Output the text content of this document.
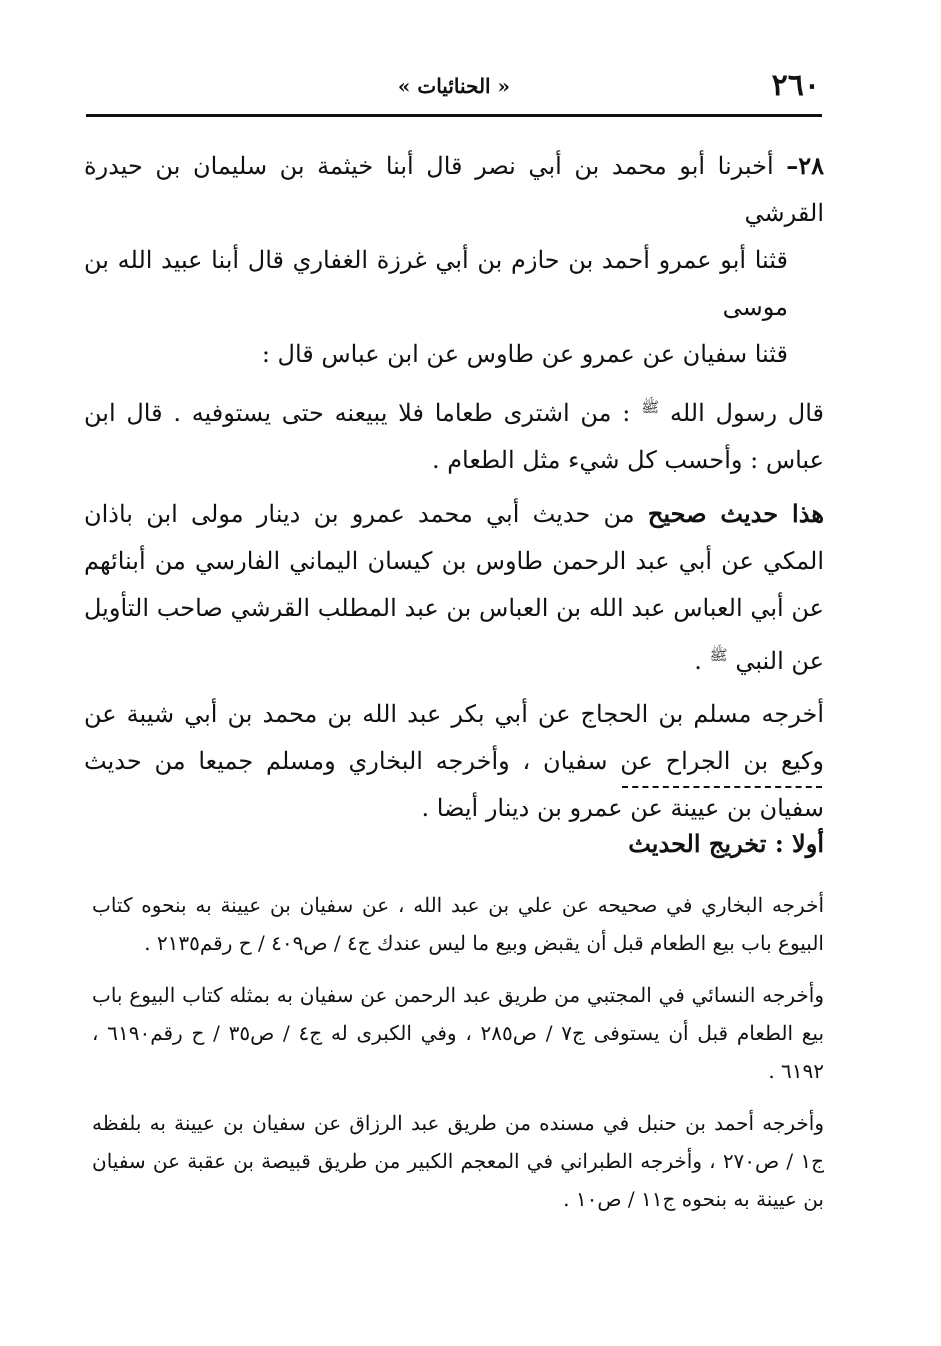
٢٦٠
« الحنائيات »
٢٨– أخبرنا أبو محمد بن أبي نصر قال أبنا خيثمة بن سليمان بن حيدرة القرشي
قثنا أبو عمرو أحمد بن حازم بن أبي غرزة الغفاري قال أبنا عبيد الله بن موسى
قثنا سفيان عن عمرو عن طاوس عن ابن عباس قال :
قال رسول الله $^ﷺ$ : من اشترى طعاما فلا يبيعنه حتى يستوفيه . قال ابن عباس : وأحسب كل شيء مثل الطعام .
هذا حديث صحيح من حديث أبي محمد عمرو بن دينار مولى ابن باذان المكي عن أبي عبد الرحمن طاوس بن كيسان اليماني الفارسي من أبنائهم عن أبي العباس عبد الله بن العباس بن عبد المطلب القرشي صاحب التأويل عن النبي $^ﷺ$ .
أخرجه مسلم بن الحجاج عن أبي بكر عبد الله بن محمد بن أبي شيبة عن وكيع بن الجراح عن سفيان ، وأخرجه البخاري ومسلم جميعا من حديث سفيان بن عيينة عن عمرو بن دينار أيضا .
أولا : تخريج الحديث
أخرجه البخاري في صحيحه عن علي بن عبد الله ، عن سفيان بن عيينة به بنحوه كتاب البيوع باب بيع الطعام قبل أن يقبض وبيع ما ليس عندك ج٤ / ص٤٠٩ / ح رقم٢١٣٥ .
وأخرجه النسائي في المجتبي من طريق عبد الرحمن عن سفيان به بمثله كتاب البيوع باب بيع الطعام قبل أن يستوفى ج٧ / ص٢٨٥ ، وفي الكبرى له ج٤ / ص٣٥ / ح رقم٦١٩٠ ، ٦١٩٢ .
وأخرجه أحمد بن حنبل في مسنده من طريق عبد الرزاق عن سفيان بن عيينة به بلفظه ج١ / ص٢٧٠ ، وأخرجه الطبراني في المعجم الكبير من طريق قبيصة بن عقبة عن سفيان بن عيينة به بنحوه ج١١ / ص١٠ .
